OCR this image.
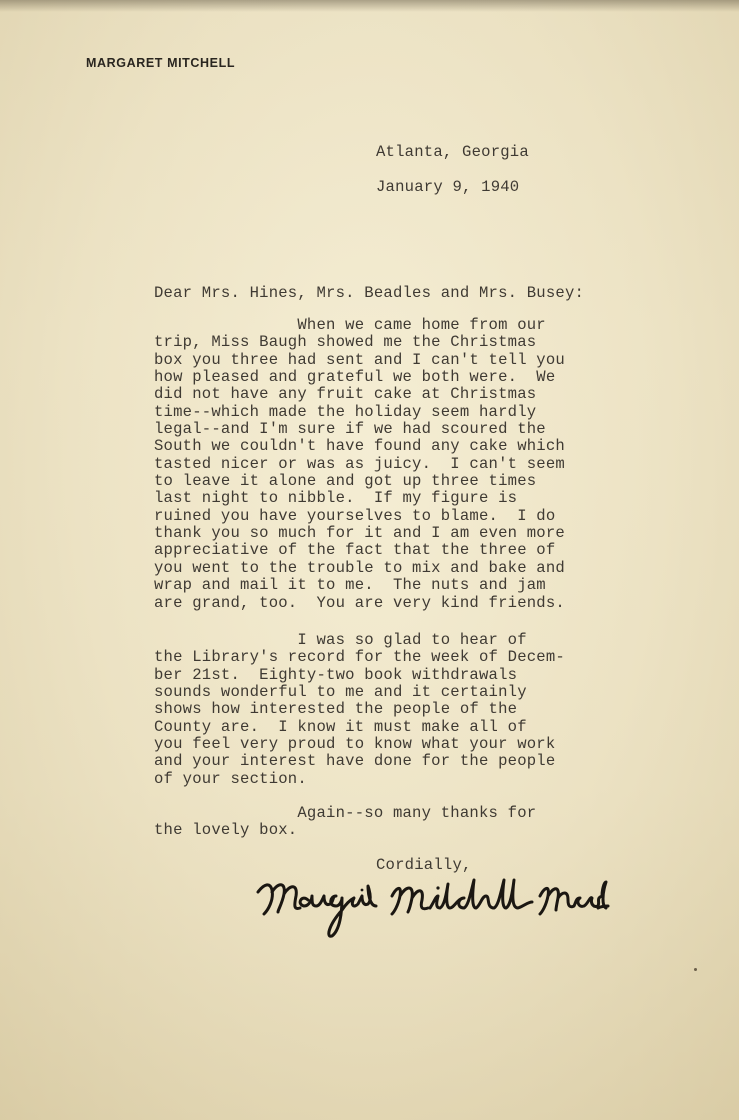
MARGARET MITCHELL
Atlanta, Georgia
January 9, 1940
Dear Mrs. Hines, Mrs. Beadles and Mrs. Busey:
When we came home from our
trip, Miss Baugh showed me the Christmas
box you three had sent and I can't tell you
how pleased and grateful we both were.  We
did not have any fruit cake at Christmas
time--which made the holiday seem hardly
legal--and I'm sure if we had scoured the
South we couldn't have found any cake which
tasted nicer or was as juicy.  I can't seem
to leave it alone and got up three times
last night to nibble.  If my figure is
ruined you have yourselves to blame.  I do
thank you so much for it and I am even more
appreciative of the fact that the three of
you went to the trouble to mix and bake and
wrap and mail it to me.  The nuts and jam
are grand, too.  You are very kind friends.
I was so glad to hear of
the Library's record for the week of Decem-
ber 21st.  Eighty-two book withdrawals
sounds wonderful to me and it certainly
shows how interested the people of the
County are.  I know it must make all of
you feel very proud to know what your work
and your interest have done for the people
of your section.
Again--so many thanks for
the lovely box.
Cordially,
